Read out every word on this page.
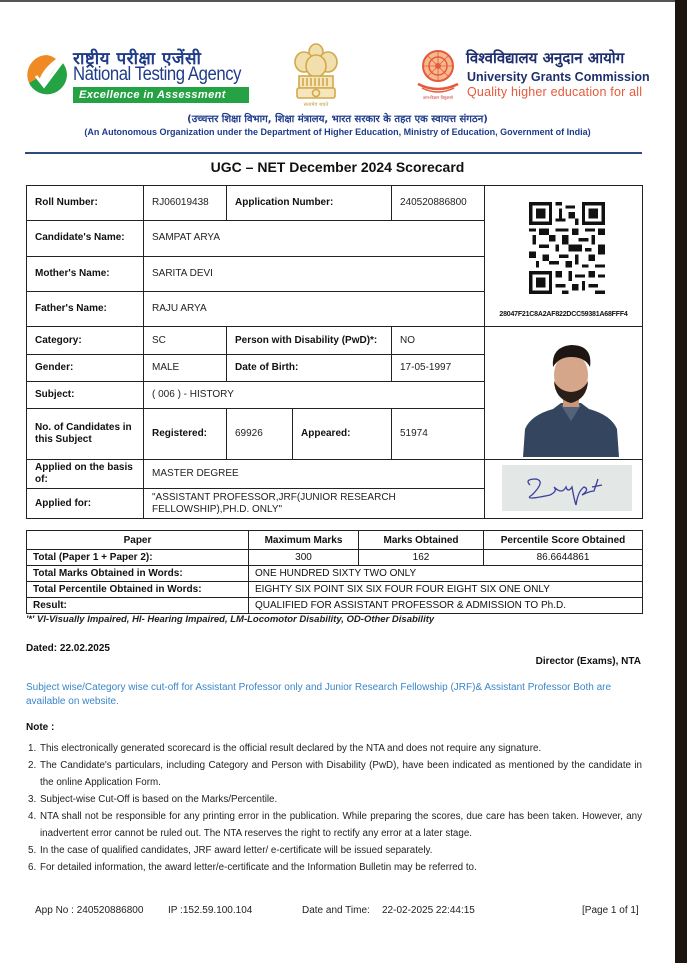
राष्ट्रीय परीक्षा एजेंसी
National Testing Agency
Excellence in Assessment
सत्यमेव जयते
ज्ञान-विज्ञान विमुक्तये
विश्वविद्यालय अनुदान आयोग
University Grants Commission
Quality higher education for all
(उच्चत्तर शिक्षा विभाग, शिक्षा मंत्रालय, भारत सरकार के तहत एक स्वायत्त संगठन)
(An Autonomous Organization under the Department of Higher Education, Ministry of Education, Government of India)
UGC – NET December 2024 Scorecard
Roll Number:	RJ06019438	Application Number:		240520886800	28047F21C8A2AF822DCC59381A68FFF4

Candidate's Name:	SAMPAT ARYA				
Mother's Name:	SARITA DEVI				
Father's Name:	RAJU ARYA				
Category:	SC	Person with Disability (PwD)*:		NO	

Gender:	MALE	Date of Birth:		17-05-1997	
Subject:	( 006 ) - HISTORY				
No. of Candidates in this Subject	Registered:	69926	Appeared:	51974	
Applied on the basis of:	MASTER DEGREE	

Applied for:	"ASSISTANT PROFESSOR,JRF(JUNIOR RESEARCH FELLOWSHIP),PH.D. ONLY"				
Paper	Maximum Marks	Marks Obtained	Percentile Score Obtained
Total (Paper 1 + Paper 2):	300	162	86.6644861
Total Marks Obtained in Words:	ONE HUNDRED SIXTY TWO ONLY		
Total Percentile Obtained in Words:	EIGHTY SIX POINT SIX SIX FOUR FOUR EIGHT SIX ONE ONLY		
Result:	QUALIFIED FOR ASSISTANT PROFESSOR & ADMISSION TO Ph.D.		
'*' VI-Visually Impaired, HI- Hearing Impaired, LM-Locomotor Disability, OD-Other Disability
Dated: 22.02.2025
Director (Exams), NTA
Subject wise/Category wise cut-off for Assistant Professor only and Junior Research Fellowship (JRF)& Assistant Professor Both are available on website.
Note :
1. This electronically generated scorecard is the official result declared by the NTA and does not require any signature.
2. The Candidate's particulars, including Category and Person with Disability (PwD), have been indicated as mentioned by the candidate in the online Application Form.
3. Subject-wise Cut-Off is based on the Marks/Percentile.
4. NTA shall not be responsible for any printing error in the publication. While preparing the scores, due care has been taken. However, any inadvertent error cannot be ruled out. The NTA reserves the right to rectify any error at a later stage.
5. In the case of qualified candidates, JRF award letter/ e-certificate will be issued separately.
6. For detailed information, the award letter/e-certificate and the Information Bulletin may be referred to.
App No : 240520886800 IP :152.59.100.104	Date and Time: 22-02-2025 22:44:15	[Page 1 of 1]
